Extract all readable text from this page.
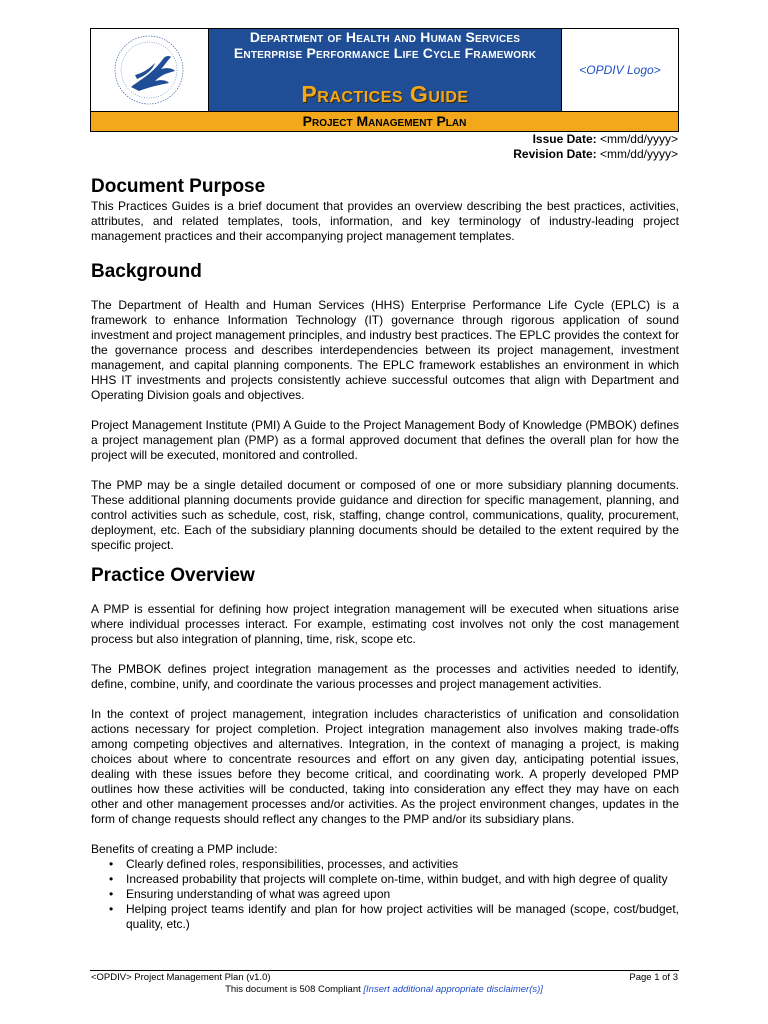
Department of Health and Human Services
Enterprise Performance Life Cycle Framework
Practices Guide
<OPDIV Logo>
Project Management Plan
Issue Date: <mm/dd/yyyy>
Revision Date: <mm/dd/yyyy>
Document Purpose

This Practices Guides is a brief document that provides an overview describing the best practices, activities, attributes, and related templates, tools, information, and key terminology of industry-leading project management practices and their accompanying project management templates.

Background

The Department of Health and Human Services (HHS) Enterprise Performance Life Cycle (EPLC) is a framework to enhance Information Technology (IT) governance through rigorous application of sound investment and project management principles, and industry best practices. The EPLC provides the context for the governance process and describes interdependencies between its project management, investment management, and capital planning components. The EPLC framework establishes an environment in which HHS IT investments and projects consistently achieve successful outcomes that align with Department and Operating Division goals and objectives.

Project Management Institute (PMI) A Guide to the Project Management Body of Knowledge (PMBOK) defines a project management plan (PMP) as a formal approved document that defines the overall plan for how the project will be executed, monitored and controlled.

The PMP may be a single detailed document or composed of one or more subsidiary planning documents. These additional planning documents provide guidance and direction for specific management, planning, and control activities such as schedule, cost, risk, staffing, change control, communications, quality, procurement, deployment, etc. Each of the subsidiary planning documents should be detailed to the extent required by the specific project.

Practice Overview

A PMP is essential for defining how project integration management will be executed when situations arise where individual processes interact. For example, estimating cost involves not only the cost management process but also integration of planning, time, risk, scope etc.

The PMBOK defines project integration management as the processes and activities needed to identify, define, combine, unify, and coordinate the various processes and project management activities.

In the context of project management, integration includes characteristics of unification and consolidation actions necessary for project completion. Project integration management also involves making trade-offs among competing objectives and alternatives. Integration, in the context of managing a project, is making choices about where to concentrate resources and effort on any given day, anticipating potential issues, dealing with these issues before they become critical, and coordinating work. A properly developed PMP outlines how these activities will be conducted, taking into consideration any effect they may have on each other and other management processes and/or activities. As the project environment changes, updates in the form of change requests should reflect any changes to the PMP and/or its subsidiary plans.

Benefits of creating a PMP include:

• Clearly defined roles, responsibilities, processes, and activities
• Increased probability that projects will complete on-time, within budget, and with high degree of quality
• Ensuring understanding of what was agreed upon
• Helping project teams identify and plan for how project activities will be managed (scope, cost/budget, quality, etc.)
<OPDIV> Project Management Plan (v1.0)	Page 1 of 3
This document is 508 Compliant [Insert additional appropriate disclaimer(s)]
